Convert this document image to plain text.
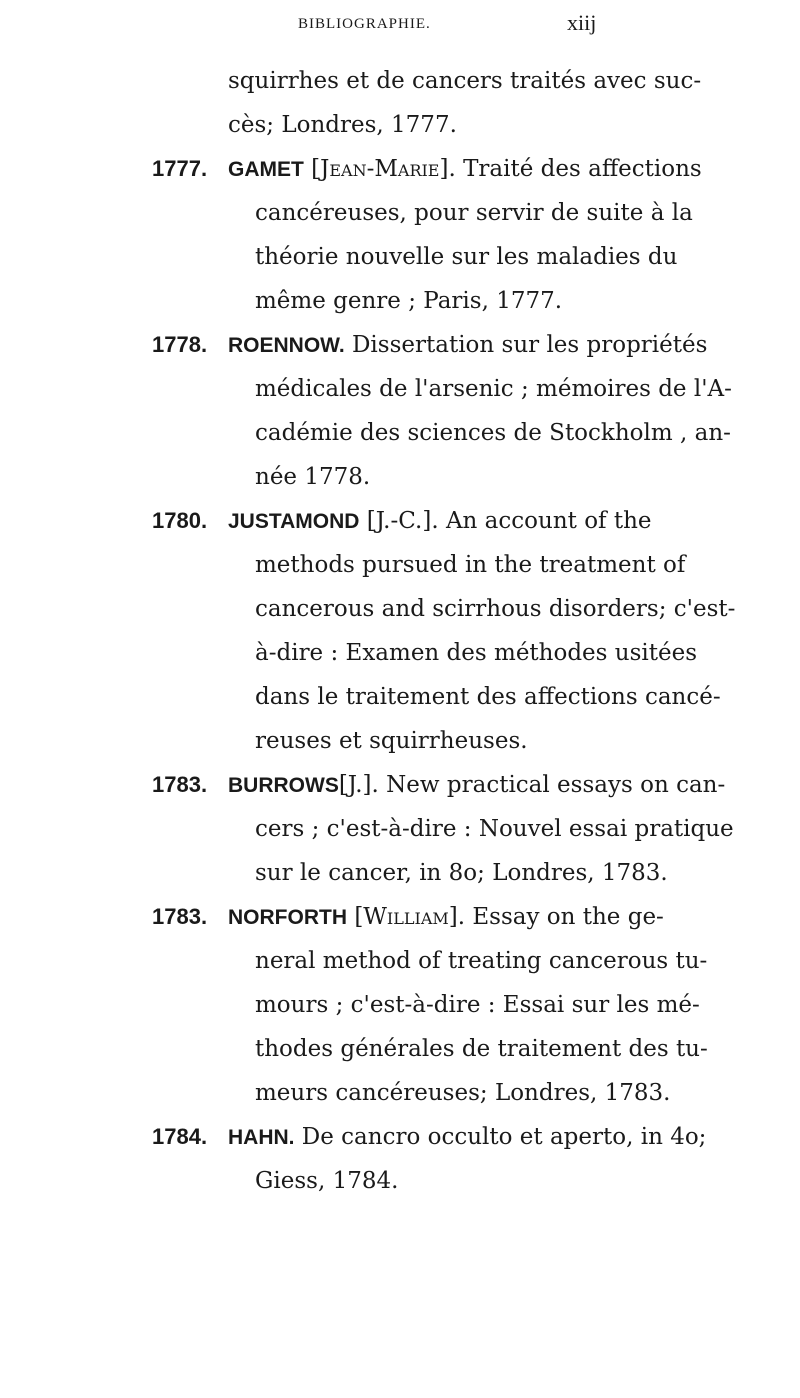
BIBLIOGRAPHIE.	xiij
squirrhes et de cancers traités avec suc-
cès; Londres, 1777.
1777. GAMET [Jean-Marie]. Traité des affections
cancéreuses, pour servir de suite à la
théorie nouvelle sur les maladies du
même genre ; Paris, 1777.
1778. ROENNOW. Dissertation sur les propriétés
médicales de l'arsenic ; mémoires de l'A-
cadémie des sciences de Stockholm , an-
née 1778.
1780. JUSTAMOND [J.-C.]. An account of the
methods pursued in the treatment of
cancerous and scirrhous disorders; c'est-
à-dire : Examen des méthodes usitées
dans le traitement des affections cancé-
reuses et squirrheuses.
1783. BURROWS[J.]. New practical essays on can-
cers ; c'est-à-dire : Nouvel essai pratique
sur le cancer, in 8o; Londres, 1783.
1783. NORFORTH [William]. Essay on the ge-
neral method of treating cancerous tu-
mours ; c'est-à-dire : Essai sur les mé-
thodes générales de traitement des tu-
meurs cancéreuses; Londres, 1783.
1784. HAHN. De cancro occulto et aperto, in 4o;
Giess, 1784.
